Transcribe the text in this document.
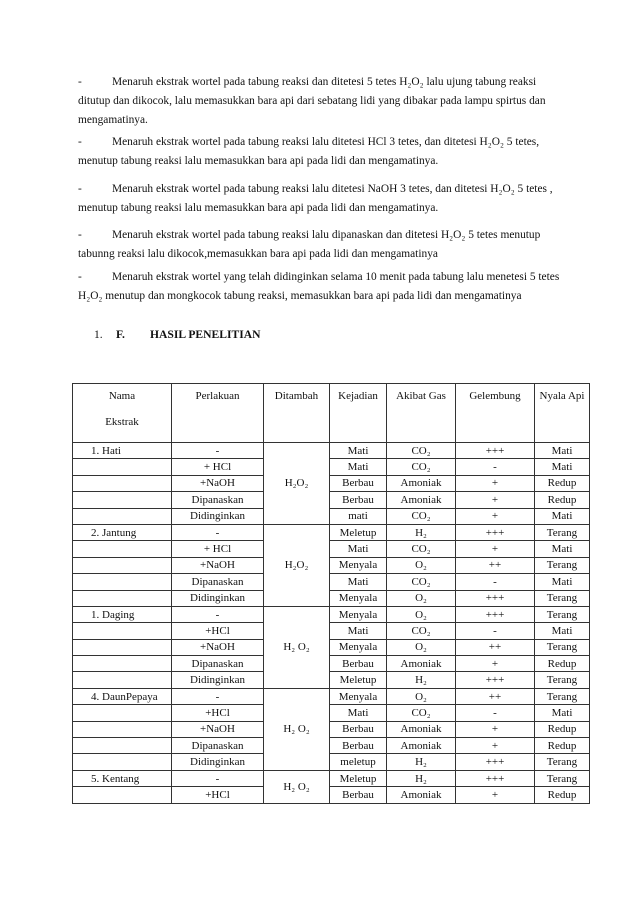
-	Menaruh ekstrak wortel pada tabung reaksi dan ditetesi 5 tetes H₂O₂ lalu ujung tabung reaksi ditutup dan dikocok, lalu memasukkan bara api dari sebatang lidi yang dibakar pada lampu spirtus dan mengamatinya.
-	Menaruh ekstrak wortel pada tabung reaksi lalu ditetesi HCl 3 tetes, dan ditetesi H₂O₂ 5 tetes, menutup tabung reaksi lalu memasukkan bara api pada lidi dan mengamatinya.
-	Menaruh ekstrak wortel pada tabung reaksi lalu ditetesi NaOH 3 tetes, dan ditetesi H₂O₂ 5 tetes , menutup tabung reaksi lalu memasukkan bara api pada lidi dan mengamatinya.
-	Menaruh ekstrak wortel pada tabung reaksi lalu dipanaskan dan ditetesi H₂O₂ 5 tetes menutup tabunng reaksi lalu dikocok,memasukkan bara api pada lidi dan mengamatinya
-	Menaruh ekstrak wortel yang telah didinginkan selama 10 menit pada tabung lalu menetesi 5 tetes H₂O₂ menutup dan mongkocok tabung reaksi, memasukkan bara api pada lidi dan mengamatinya
1. F. HASIL PENELITIAN
Nama
Ekstrak	Perlakuan	Ditambah	Kejadian	Akibat Gas	Gelembung	Nyala Api
1. Hati	-	H₂O₂	Mati	CO₂	+++	Mati
	+ HCl		Mati	CO₂	-	Mati
	+NaOH		Berbau	Amoniak	+	Redup
	Dipanaskan		Berbau	Amoniak	+	Redup
	Didinginkan		mati	CO₂	+	Mati
2. Jantung	-	H₂O₂	Meletup	H₂	+++	Terang
	+ HCl		Mati	CO₂	+	Mati
	+NaOH		Menyala	O₂	++	Terang
	Dipanaskan		Mati	CO₂	-	Mati
	Didinginkan		Menyala	O₂	+++	Terang
1. Daging	-	H₂ O₂	Menyala	O₂	+++	Terang
	+HCl		Mati	CO₂	-	Mati
	+NaOH		Menyala	O₂	++	Terang
	Dipanaskan		Berbau	Amoniak	+	Redup
	Didinginkan		Meletup	H₂	+++	Terang
4. DaunPepaya	-	H₂ O₂	Menyala	O₂	++	Terang
	+HCl		Mati	CO₂	-	Mati
	+NaOH		Berbau	Amoniak	+	Redup
	Dipanaskan		Berbau	Amoniak	+	Redup
	Didinginkan		meletup	H₂	+++	Terang
5. Kentang	-	H₂ O₂	Meletup	H₂	+++	Terang
	+HCl		Berbau	Amoniak	+	Redup
